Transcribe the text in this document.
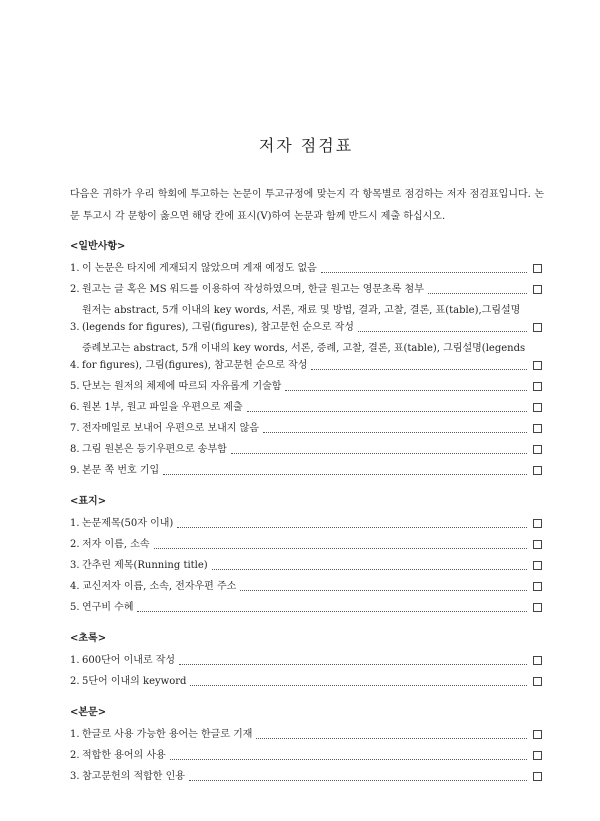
저자 점검표

다음은 귀하가 우리 학회에 투고하는 논문이 투고규정에 맞는지 각 항목별로 점검하는 저자 점검표입니다. 논문 투고시 각 문항이 옳으면 해당 칸에 표시(V)하여 논문과 함께 반드시 제출 하십시오.

<일반사항>
1. 이 논문은 타지에 게재되지 않았으며 게재 예정도 없음
2. 원고는 글 혹은 MS 워드를 이용하여 작성하였으며, 한글 원고는 영문초록 첨부
3.
원저는 abstract, 5개 이내의 key words, 서론, 재료 및 방법, 결과, 고찰, 결론, 표(table),그림설명
(legends for figures), 그림(figures), 참고문헌 순으로 작성
4.
증례보고는 abstract, 5개 이내의 key words, 서론, 증례, 고찰, 결론, 표(table), 그림설명(legends
for figures), 그림(figures), 참고문헌 순으로 작성
5. 단보는 원저의 체제에 따르되 자유롭게 기술함
6. 원본 1부, 원고 파일을 우편으로 제출
7. 전자메일로 보내어 우편으로 보내지 않음
8. 그림 원본은 등기우편으로 송부함
9. 본문 쪽 번호 기입
<표지>
1. 논문제목(50자 이내)
2. 저자 이름, 소속
3. 간추린 제목(Running title)
4. 교신저자 이름, 소속, 전자우편 주소
5. 연구비 수혜
<초록>
1. 600단어 이내로 작성
2. 5단어 이내의 keyword
<본문>
1. 한글로 사용 가능한 용어는 한글로 기재
2. 적합한 용어의 사용
3. 참고문헌의 적합한 인용
